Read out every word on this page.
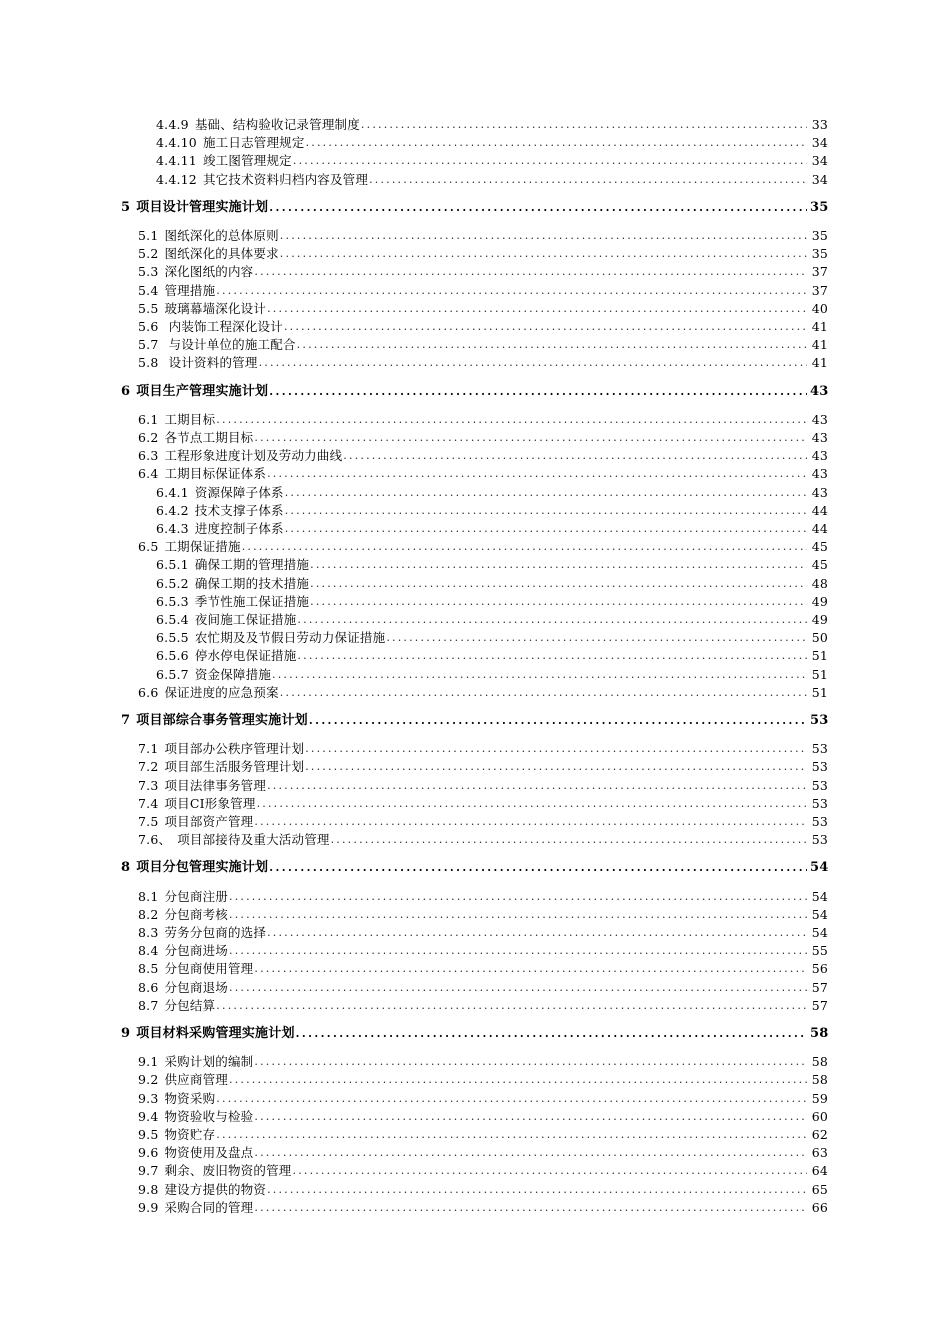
4.4.9 基础、结构验收记录管理制度 .....	33
4.4.10 施工日志管理规定 .....	34
4.4.11 竣工图管理规定 .....	34
4.4.12 其它技术资料归档内容及管理 .....	34
5 项目设计管理实施计划 .....	35
5.1 图纸深化的总体原则 .....	35
5.2 图纸深化的具体要求 .....	35
5.3 深化图纸的内容 .....	37
5.4 管理措施 .....	37
5.5 玻璃幕墙深化设计 .....	40
5.6 内装饰工程深化设计 .....	41
5.7 与设计单位的施工配合 .....	41
5.8 设计资料的管理 .....	41
6 项目生产管理实施计划 .....	43
6.1 工期目标 .....	43
6.2 各节点工期目标 .....	43
6.3 工程形象进度计划及劳动力曲线 .....	43
6.4 工期目标保证体系 .....	43
6.4.1 资源保障子体系 .....	43
6.4.2 技术支撑子体系 .....	44
6.4.3 进度控制子体系 .....	44
6.5 工期保证措施 .....	45
6.5.1 确保工期的管理措施 .....	45
6.5.2 确保工期的技术措施 .....	48
6.5.3 季节性施工保证措施 .....	49
6.5.4 夜间施工保证措施 .....	49
6.5.5 农忙期及及节假日劳动力保证措施 .....	50
6.5.6 停水停电保证措施 .....	51
6.5.7 资金保障措施 .....	51
6.6 保证进度的应急预案 .....	51
7 项目部综合事务管理实施计划 .....	53
7.1 项目部办公秩序管理计划 .....	53
7.2 项目部生活服务管理计划 .....	53
7.3 项目法律事务管理 .....	53
7.4 项目CI形象管理 .....	53
7.5 项目部资产管理 .....	53
7.6、 项目部接待及重大活动管理 .....	53
8 项目分包管理实施计划 .....	54
8.1 分包商注册 .....	54
8.2 分包商考核 .....	54
8.3 劳务分包商的选择 .....	54
8.4 分包商进场 .....	55
8.5 分包商使用管理 .....	56
8.6 分包商退场 .....	57
8.7 分包结算 .....	57
9 项目材料采购管理实施计划 .....	58
9.1 采购计划的编制 .....	58
9.2 供应商管理 .....	58
9.3 物资采购 .....	59
9.4 物资验收与检验 .....	60
9.5 物资贮存 .....	62
9.6 物资使用及盘点 .....	63
9.7 剩余、废旧物资的管理 .....	64
9.8 建设方提供的物资 .....	65
9.9 采购合同的管理 .....	66
